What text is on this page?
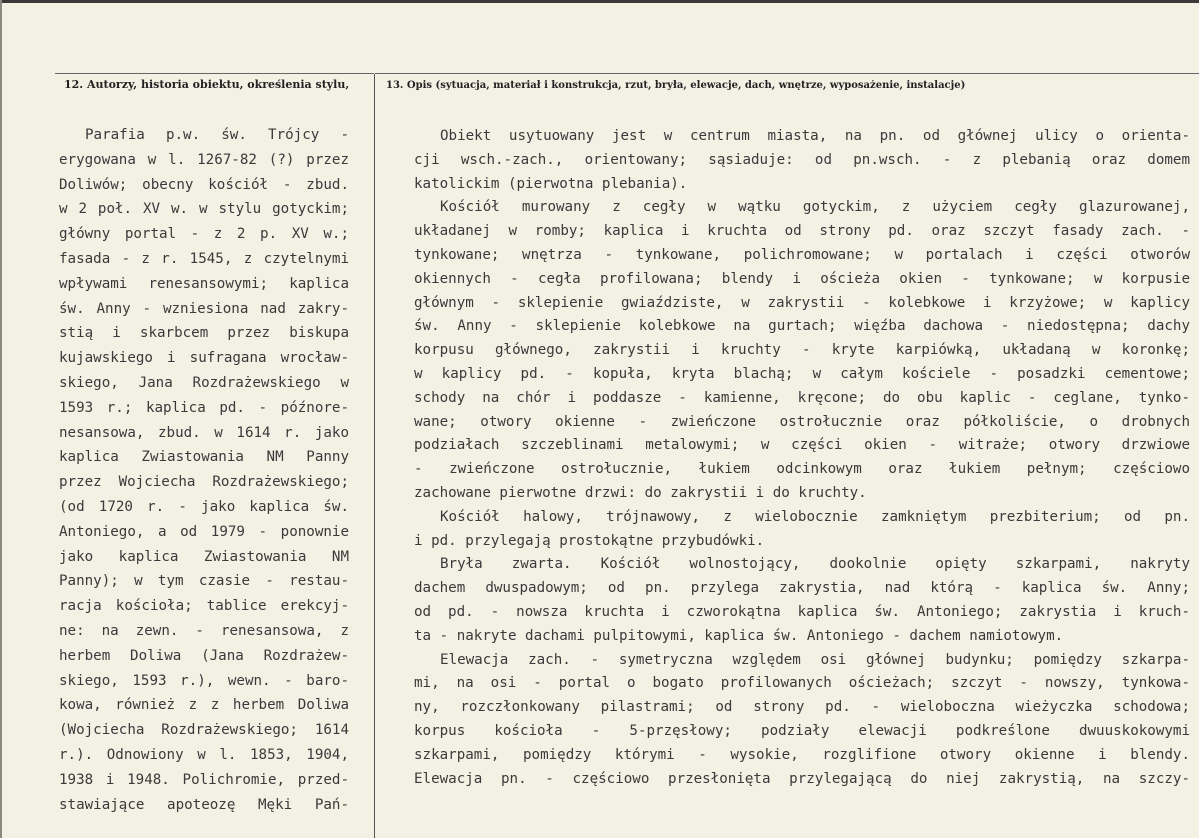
12. Autorzy, historia obiektu, określenia stylu,	13. Opis (sytuacja, materiał i konstrukcja, rzut, bryła, elewacje, dach, wnętrze, wyposażenie, instalacje)
Parafia p.w. św. Trójcy -
erygowana w l. 1267-82 (?) przez
Doliwów; obecny kościół - zbud.
w 2 poł. XV w. w stylu gotyckim;
główny portal - z 2 p. XV w.;
fasada - z r. 1545, z czytelnymi
wpływami renesansowymi; kaplica
św. Anny - wzniesiona nad zakry-
stią i skarbcem przez biskupa
kujawskiego i sufragana wrocław-
skiego, Jana Rozdrażewskiego w
1593 r.; kaplica pd. - późnore-
nesansowa, zbud. w 1614 r. jako
kaplica Zwiastowania NM Panny
przez Wojciecha Rozdrażewskiego;
(od 1720 r. - jako kaplica św.
Antoniego, a od 1979 - ponownie
jako kaplica Zwiastowania NM
Panny); w tym czasie - restau-
racja kościoła; tablice erekcyj-
ne: na zewn. - renesansowa, z
herbem Doliwa (Jana Rozdrażew-
skiego, 1593 r.), wewn. - baro-
kowa, również z z herbem Doliwa
(Wojciecha Rozdrażewskiego; 1614
r.). Odnowiony w l. 1853, 1904,
1938 i 1948. Polichromie, przed-
stawiające apoteozę Męki Pań-
Obiekt usytuowany jest w centrum miasta, na pn. od głównej ulicy o orienta-
cji wsch.-zach., orientowany; sąsiaduje: od pn.wsch. - z plebanią oraz domem
katolickim (pierwotna plebania).
Kościół murowany z cegły w wątku gotyckim, z użyciem cegły glazurowanej,
układanej w romby; kaplica i kruchta od strony pd. oraz szczyt fasady zach. -
tynkowane; wnętrza - tynkowane, polichromowane; w portalach i części otworów
okiennych - cegła profilowana; blendy i ościeża okien - tynkowane; w korpusie
głównym - sklepienie gwiaździste, w zakrystii - kolebkowe i krzyżowe; w kaplicy
św. Anny - sklepienie kolebkowe na gurtach; więźba dachowa - niedostępna; dachy
korpusu głównego, zakrystii i kruchty - kryte karpiówką, układaną w koronkę;
w kaplicy pd. - kopuła, kryta blachą; w całym kościele - posadzki cementowe;
schody na chór i poddasze - kamienne, kręcone; do obu kaplic - ceglane, tynko-
wane; otwory okienne - zwieńczone ostrołucznie oraz półkoliście, o drobnych
podziałach szczeblinami metalowymi; w części okien - witraże; otwory drzwiowe
- zwieńczone ostrołucznie, łukiem odcinkowym oraz łukiem pełnym; częściowo
zachowane pierwotne drzwi: do zakrystii i do kruchty.
Kościół halowy, trójnawowy, z wielobocznie zamkniętym prezbiterium; od pn.
i pd. przylegają prostokątne przybudówki.
Bryła zwarta. Kościół wolnostojący, dookolnie opięty szkarpami, nakryty
dachem dwuspadowym; od pn. przylega zakrystia, nad którą - kaplica św. Anny;
od pd. - nowsza kruchta i czworokątna kaplica św. Antoniego; zakrystia i kruch-
ta - nakryte dachami pulpitowymi, kaplica św. Antoniego - dachem namiotowym.
Elewacja zach. - symetryczna względem osi głównej budynku; pomiędzy szkarpa-
mi, na osi - portal o bogato profilowanych ościeżach; szczyt - nowszy, tynkowa-
ny, rozczłonkowany pilastrami; od strony pd. - wieloboczna wieżyczka schodowa;
korpus kościoła - 5-przęsłowy; podziały elewacji podkreślone dwuuskokowymi
szkarpami, pomiędzy którymi - wysokie, rozglifione otwory okienne i blendy.
Elewacja pn. - częściowo przesłonięta przylegającą do niej zakrystią, na szczy-
